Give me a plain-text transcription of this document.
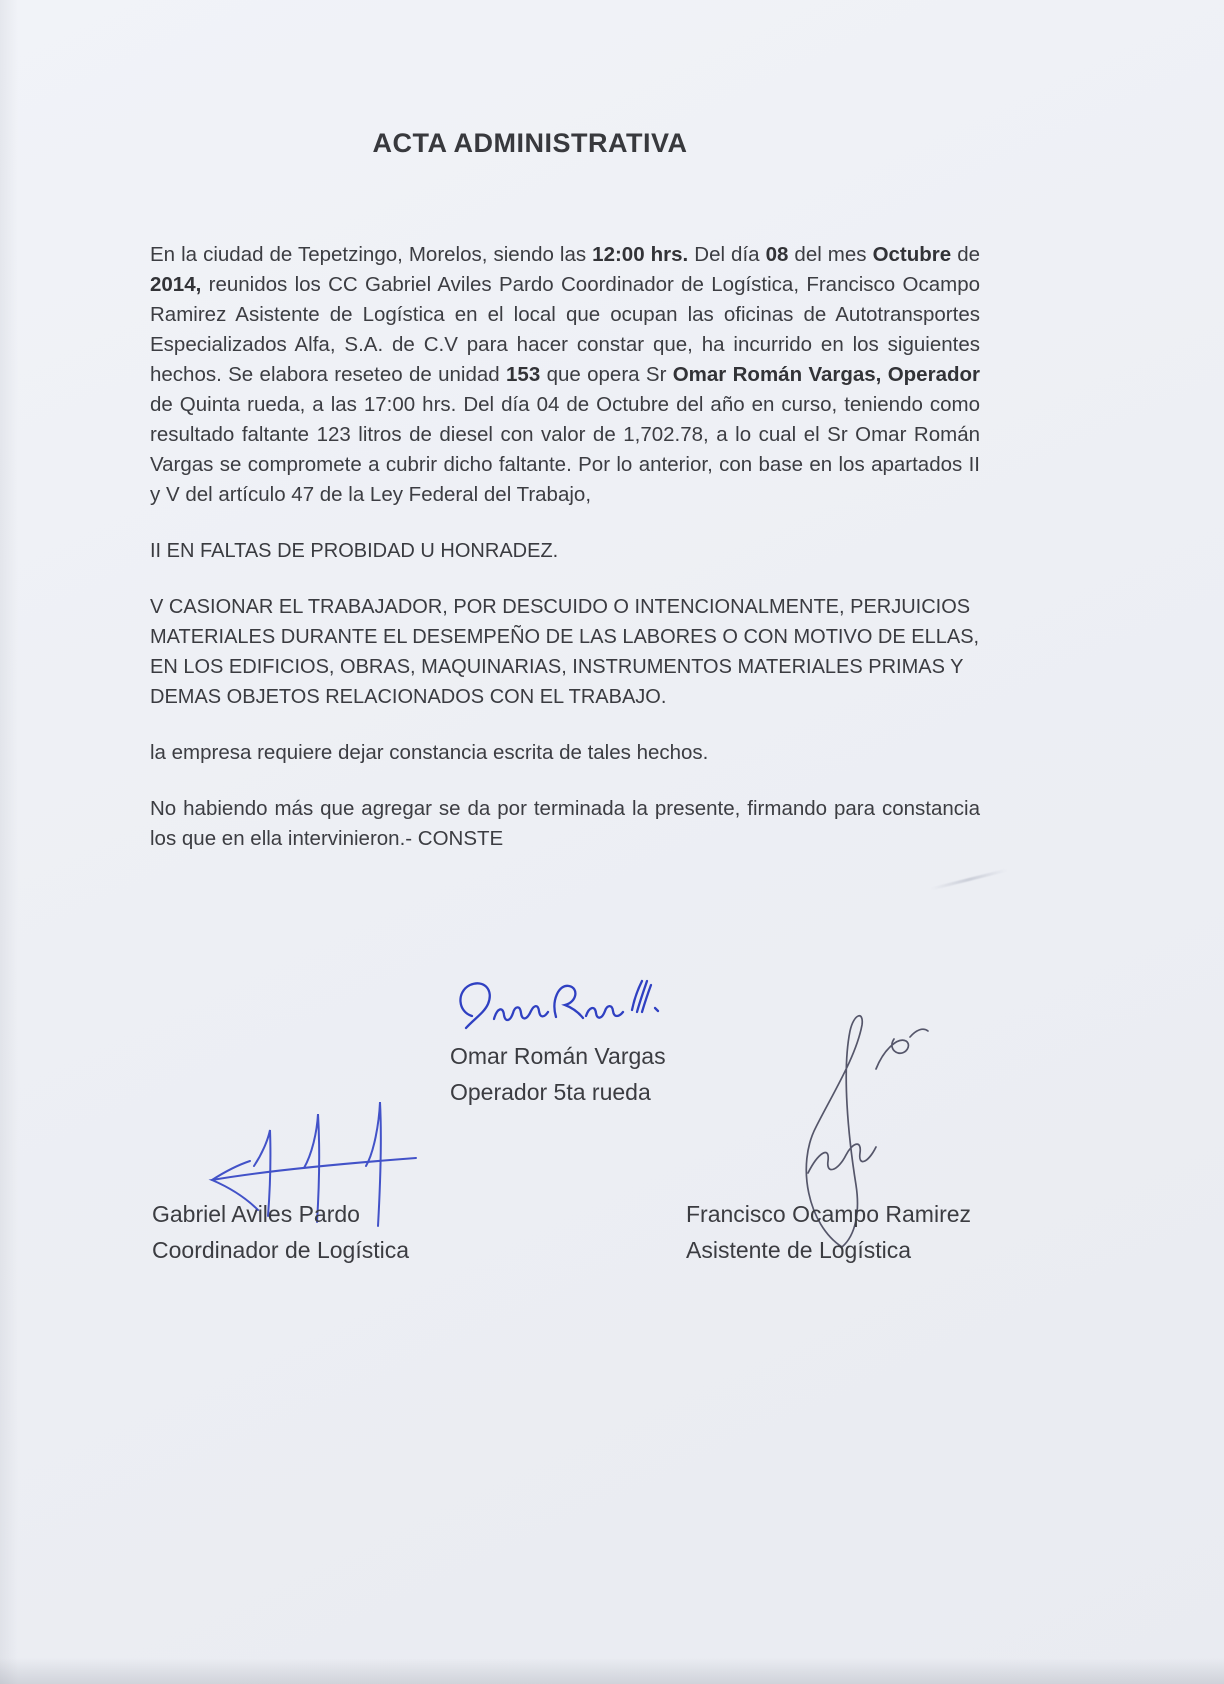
ACTA ADMINISTRATIVA

En la ciudad de Tepetzingo, Morelos, siendo las 12:00 hrs. Del día 08 del mes Octubre de 2014, reunidos los CC Gabriel Aviles Pardo Coordinador de Logística, Francisco Ocampo Ramirez Asistente de Logística en el local que ocupan las oficinas de Autotransportes Especializados Alfa, S.A. de C.V para hacer constar que, ha incurrido en los siguientes hechos. Se elabora reseteo de unidad 153 que opera Sr Omar Román Vargas, Operador de Quinta rueda, a las 17:00 hrs. Del día 04 de Octubre del año en curso, teniendo como resultado faltante 123 litros de diesel con valor de 1,702.78, a lo cual el Sr Omar Román Vargas se compromete a cubrir dicho faltante. Por lo anterior, con base en los apartados II y V del artículo 47 de la Ley Federal del Trabajo,

II EN FALTAS DE PROBIDAD U HONRADEZ.

V CASIONAR EL TRABAJADOR, POR DESCUIDO O INTENCIONALMENTE, PERJUICIOS MATERIALES DURANTE EL DESEMPEÑO DE LAS LABORES O CON MOTIVO DE ELLAS, EN LOS EDIFICIOS, OBRAS, MAQUINARIAS, INSTRUMENTOS MATERIALES PRIMAS Y DEMAS OBJETOS RELACIONADOS CON EL TRABAJO.

la empresa requiere dejar constancia escrita de tales hechos.

No habiendo más que agregar se da por terminada la presente, firmando para constancia los que en ella intervinieron.- CONSTE

Omar Román Vargas
Operador 5ta rueda
Gabriel Aviles Pardo
Coordinador de Logística
Francisco Ocampo Ramirez
Asistente de Logística
